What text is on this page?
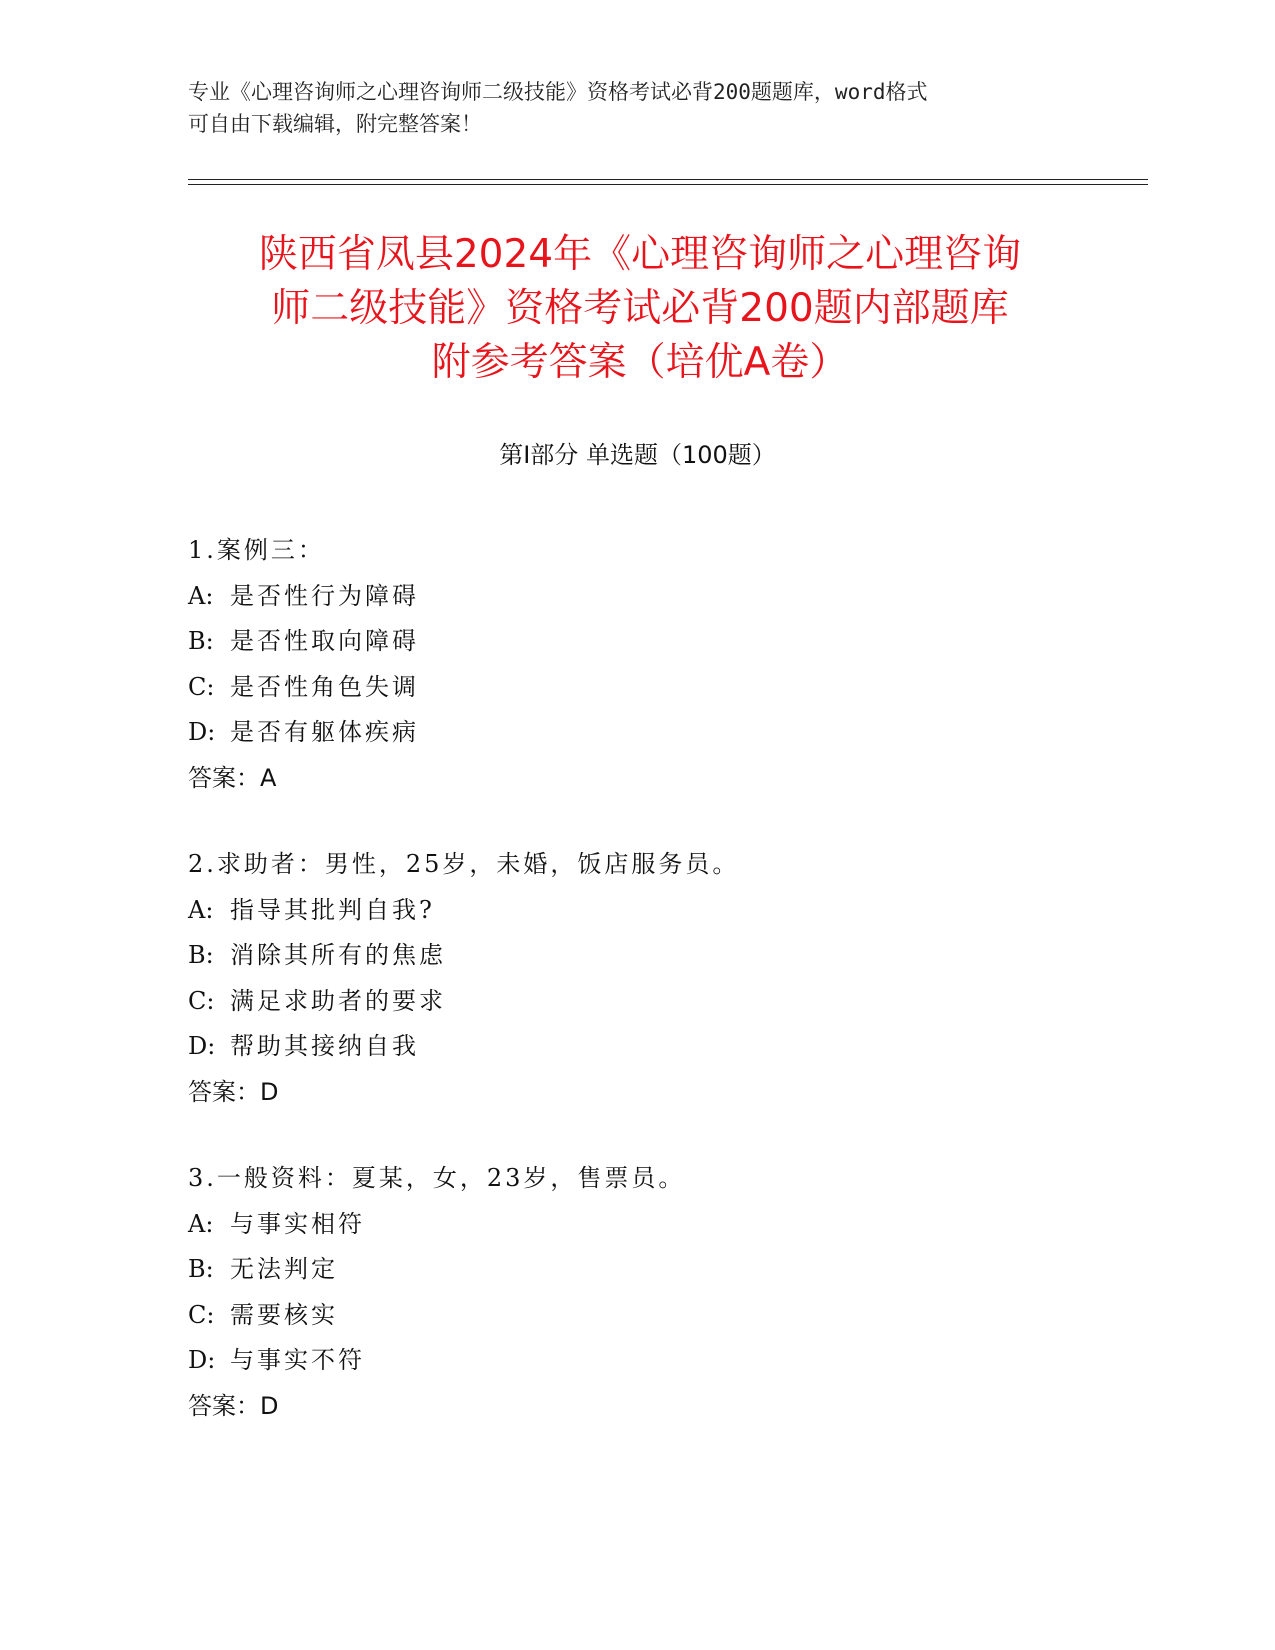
专业《心理咨询师之心理咨询师二级技能》资格考试必背200题题库，word格式
可自由下载编辑，附完整答案！
陕西省凤县2024年《心理咨询师之心理咨询
师二级技能》资格考试必背200题内部题库
附参考答案（培优A卷）
第I部分 单选题（100题）
1.案例三：
A: 是否性行为障碍
B: 是否性取向障碍
C: 是否性角色失调
D: 是否有躯体疾病
答案：A
2.求助者：男性，25岁，未婚，饭店服务员。
A: 指导其批判自我?
B: 消除其所有的焦虑
C: 满足求助者的要求
D: 帮助其接纳自我
答案：D
3.一般资料：夏某，女，23岁，售票员。
A: 与事实相符
B: 无法判定
C: 需要核实
D: 与事实不符
答案：D
